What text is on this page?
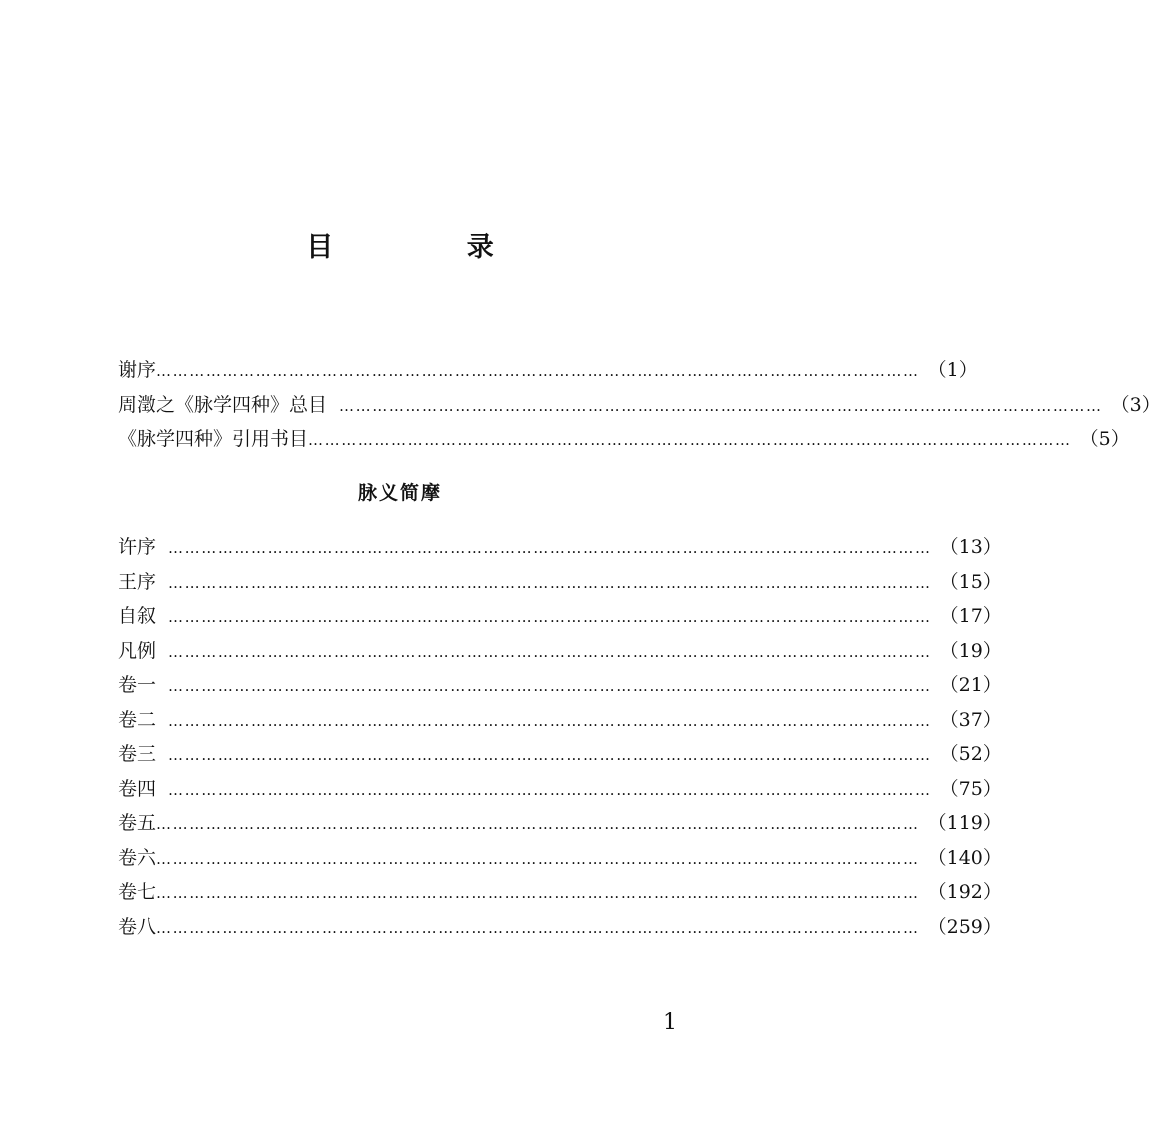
目 录
谢序 ………………………………………………………………………………………………………………………… （1）
周澂之《脉学四种》总目 ………………………………………………………………………………………………………………………… （3）
《脉学四种》引用书目 ………………………………………………………………………………………………………………………… （5）
脉义简摩
许序 ………………………………………………………………………………………………………………………… （13）
王序 ………………………………………………………………………………………………………………………… （15）
自叙 ………………………………………………………………………………………………………………………… （17）
凡例 ………………………………………………………………………………………………………………………… （19）
卷一 ………………………………………………………………………………………………………………………… （21）
卷二 ………………………………………………………………………………………………………………………… （37）
卷三 ………………………………………………………………………………………………………………………… （52）
卷四 ………………………………………………………………………………………………………………………… （75）
卷五 ………………………………………………………………………………………………………………………… （119）
卷六 ………………………………………………………………………………………………………………………… （140）
卷七 ………………………………………………………………………………………………………………………… （192）
卷八 ………………………………………………………………………………………………………………………… （259）
1
